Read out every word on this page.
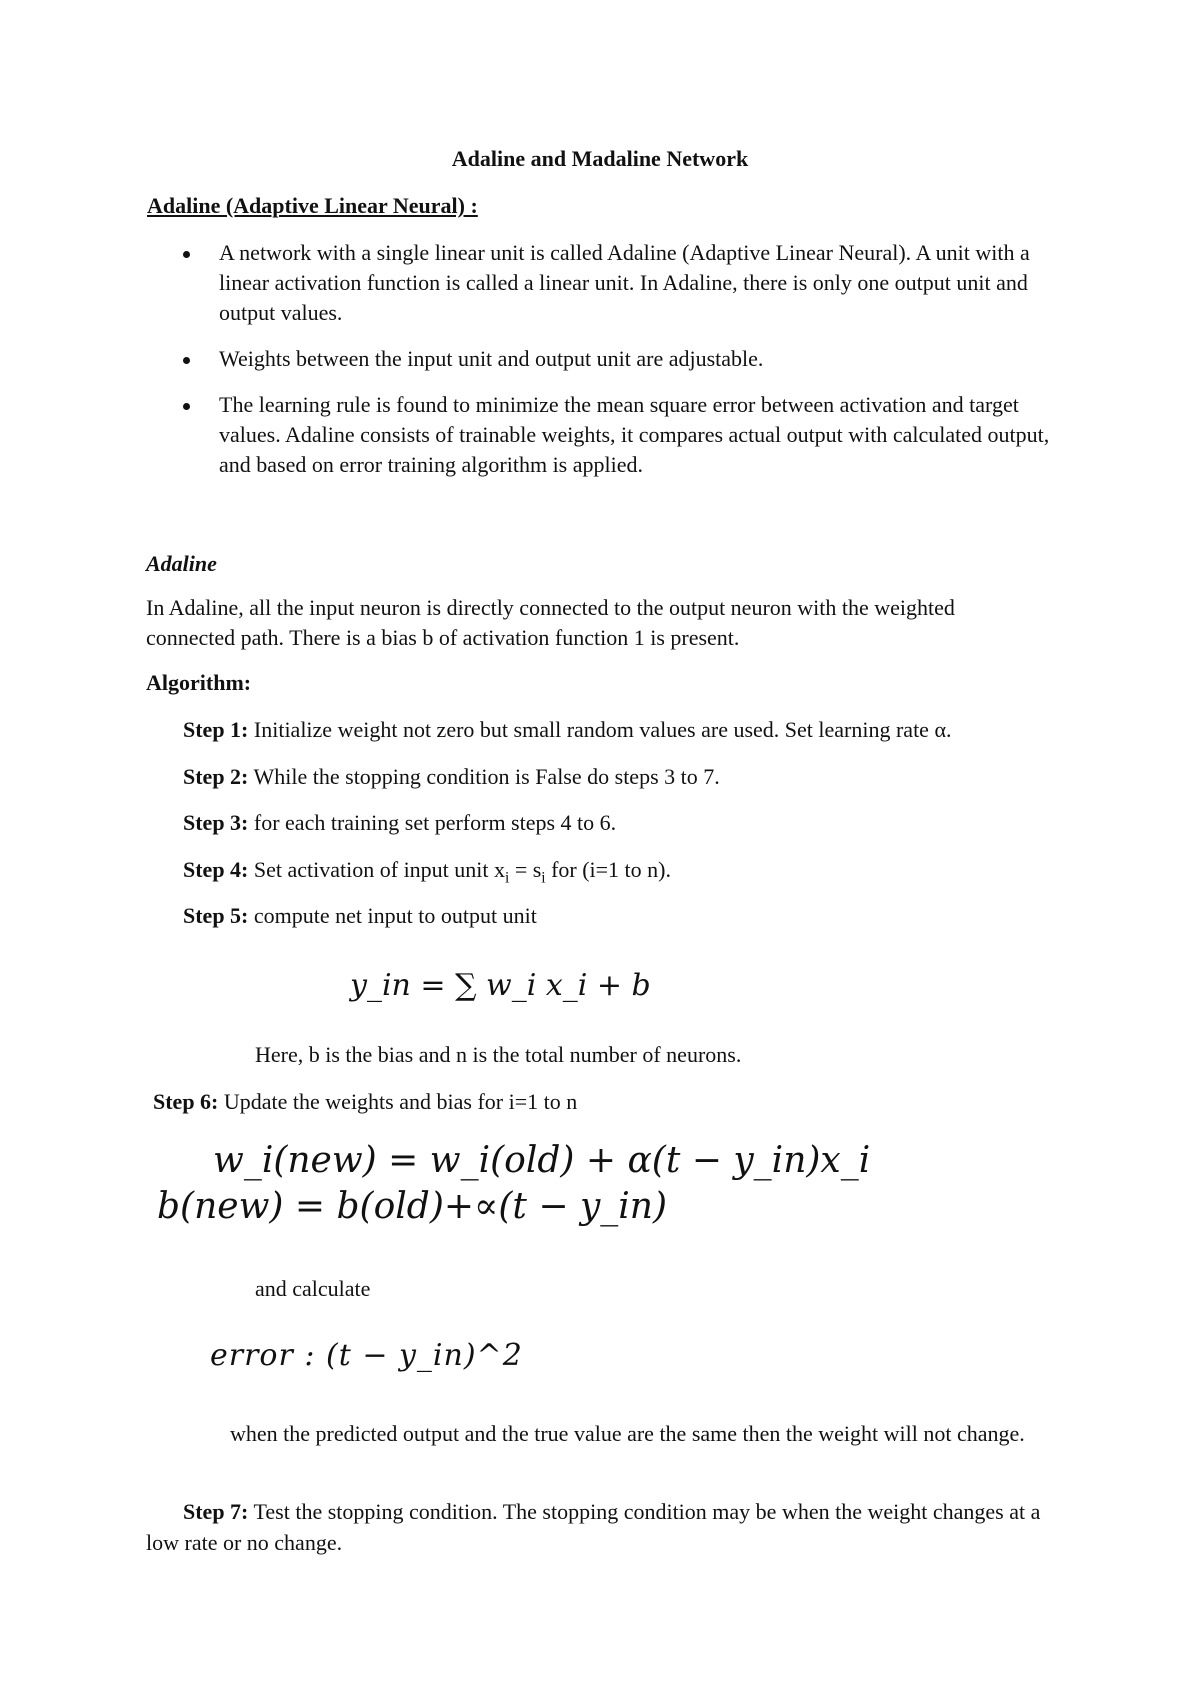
Adaline and Madaline Network
Adaline (Adaptive Linear Neural) :
A network with a single linear unit is called Adaline (Adaptive Linear Neural). A unit with a linear activation function is called a linear unit. In Adaline, there is only one output unit and output values.
Weights between the input unit and output unit are adjustable.
The learning rule is found to minimize the mean square error between activation and target values. Adaline consists of trainable weights, it compares actual output with calculated output, and based on error training algorithm is applied.
Adaline
In Adaline, all the input neuron is directly connected to the output neuron with the weighted connected path. There is a bias b of activation function 1 is present.
Algorithm:
Step 1: Initialize weight not zero but small random values are used. Set learning rate α.
Step 2: While the stopping condition is False do steps 3 to 7.
Step 3: for each training set perform steps 4 to 6.
Step 4: Set activation of input unit $x_i = s_i$ for (i=1 to n).
Step 5: compute net input to output unit
y_in = ∑ w_i x_i + b
Here, b is the bias and n is the total number of neurons.
Step 6: Update the weights and bias for i=1 to n
w_i(new) = w_i(old) + α(t − y_in)x_i
b(new) = b(old)+∝(t − y_in)
and calculate
error : (t − y_in)^2
when the predicted output and the true value are the same then the weight will not change.
Step 7: Test the stopping condition. The stopping condition may be when the weight changes at a low rate or no change.
